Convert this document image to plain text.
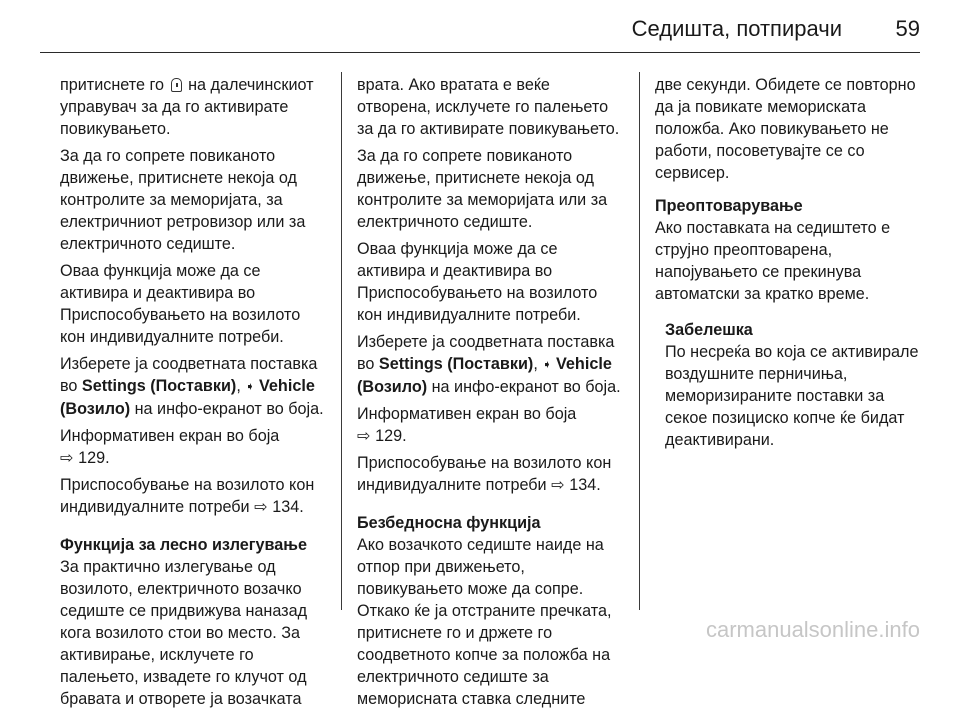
Седишта, потпирачи 59

притиснете го на далечинскиот управувач за да го активирате повикувањето.

За да го сопрете повиканото движење, притиснете некоја од контролите за меморијата, за електричниот ретровизор или за електричното седиште.

Оваа функција може да се активира и деактивира во Приспособувањето на возилото кон индивидуалните потреби.

Изберете ја соодветната поставка во Settings (Поставки), ➧ Vehicle (Возило) на инфо-екранот во боја.

Информативен екран во боја
⇨ 129.

Приспособување на возилото кон индивидуалните потреби ⇨ 134.

Функција за лесно излегување

За практично излегување од возилото, електричното возачко седиште се придвижува наназад кога возилото стои во место. За активирање, исклучете го палењето, извадете го клучот од бравата и отворете ја возачката

врата. Ако вратата е веќе отворена, исклучете го палењето за да го активирате повикувањето.

За да го сопрете повиканото движење, притиснете некоја од контролите за меморијата или за електричното седиште.

Оваа функција може да се активира и деактивира во Приспособувањето на возилото кон индивидуалните потреби.

Изберете ја соодветната поставка во Settings (Поставки), ➧ Vehicle (Возило) на инфо-екранот во боја.

Информативен екран во боја
⇨ 129.

Приспособување на возилото кон индивидуалните потреби ⇨ 134.

Безбедносна функција

Ако возачкото седиште наиде на отпор при движењето, повикувањето може да сопре. Откако ќе ја отстраните пречката, притиснете го и држете го соодветното копче за положба на електричното седиште за меморисната ставка следните

две секунди. Обидете се повторно да ја повикате мемориската положба. Ако повикувањето не работи, посоветувајте се со сервисер.

Преоптоварување

Ако поставката на седиштето е струјно преоптоварена, напојувањето се прекинува автоматски за кратко време.

Забелешка

По несреќа во која се активирале воздушните перничиња, меморизираните поставки за секое позициско копче ќе бидат деактивирани.

carmanualsonline.info
